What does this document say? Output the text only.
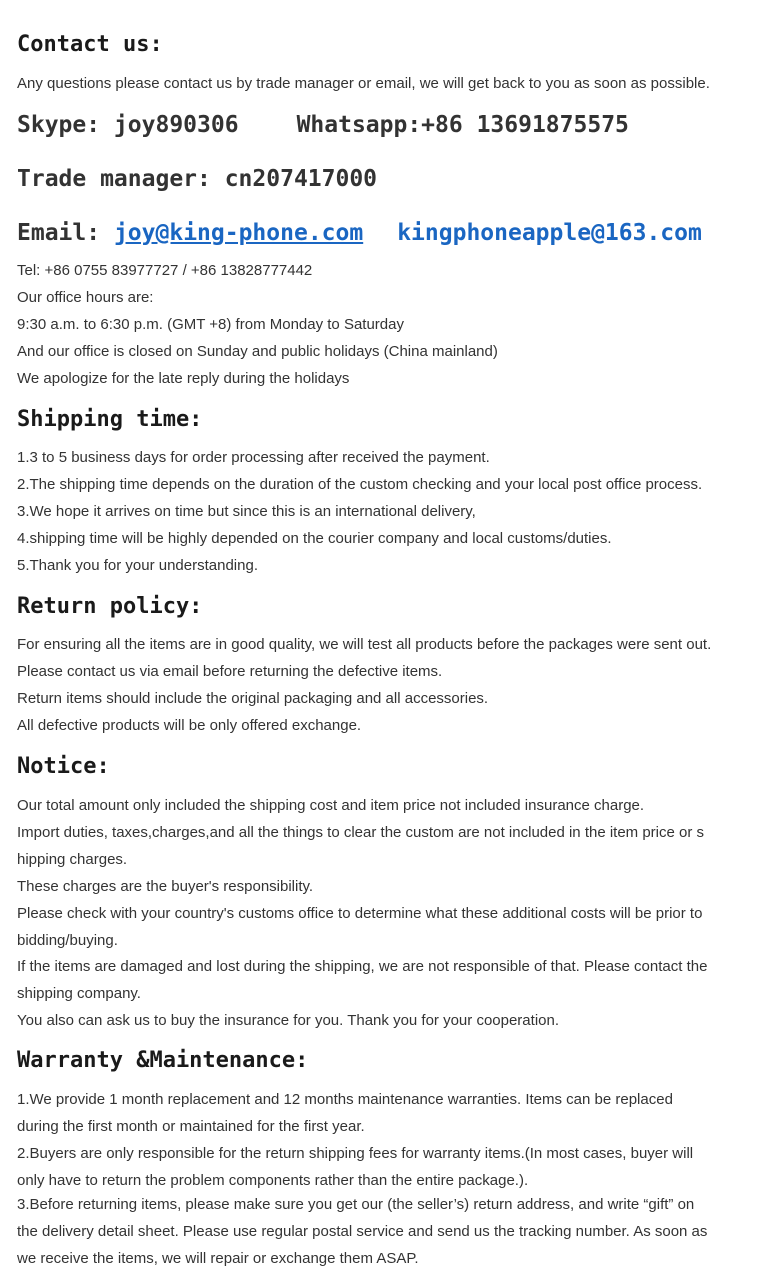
Contact us:
Any questions please contact us by trade manager or email, we will get back to you as soon as possible.
Skype: joy890306	Whatsapp:+86 13691875575
Trade manager: cn207417000
Email: joy@king-phone.com kingphoneapple@163.com
Tel: +86 0755 83977727 / +86 13828777442
Our office hours are:
9:30 a.m. to 6:30 p.m. (GMT +8) from Monday to Saturday
And our office is closed on Sunday and public holidays (China mainland)
We apologize for the late reply during the holidays
Shipping time:
1.3 to 5 business days for order processing after received the payment.
2.The shipping time depends on the duration of the custom checking and your local post office process.
3.We hope it arrives on time but since this is an international delivery,
4.shipping time will be highly depended on the courier company and local customs/duties.
5.Thank you for your understanding.
Return policy:
For ensuring all the items are in good quality, we will test all products before the packages were sent out.
Please contact us via email before returning the defective items.
Return items should include the original packaging and all accessories.
All defective products will be only offered exchange.
Notice:
Our total amount only included the shipping cost and item price not included insurance charge.
Import duties, taxes,charges,and all the things to clear the custom are not included in the item price or s
hipping charges.
These charges are the buyer's responsibility.
Please check with your country's customs office to determine what these additional costs will be prior to
bidding/buying.
If the items are damaged and lost during the shipping, we are not responsible of that. Please contact the
shipping company.
You also can ask us to buy the insurance for you. Thank you for your cooperation.
Warranty &Maintenance:
1.We provide 1 month replacement and 12 months maintenance warranties. Items can be replaced
during the first month or maintained for the first year.
2.Buyers are only responsible for the return shipping fees for warranty items.(In most cases, buyer will
only have to return the problem components rather than the entire package.).
3.Before returning items, please make sure you get our (the seller’s) return address, and write “gift” on
the delivery detail sheet. Please use regular postal service and send us the tracking number. As soon as
we receive the items, we will repair or exchange them ASAP.
